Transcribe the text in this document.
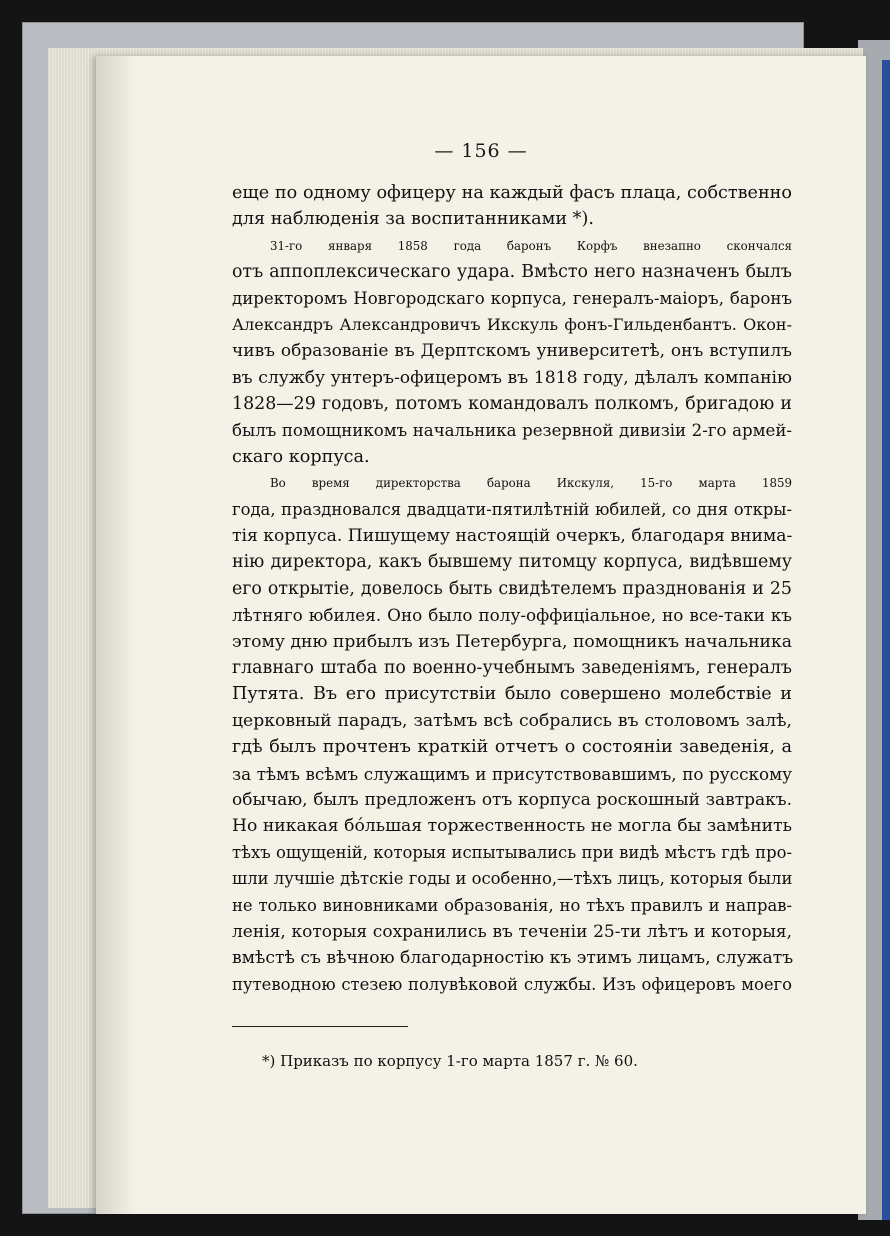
— 156 —
еще по одному офицеру на каждый фасъ плаца, собственно
для наблюденія за воспитанниками *).
31-го января 1858 года баронъ Корфъ внезапно скончался
отъ аппоплексическаго удара. Вмѣсто него назначенъ былъ
директоромъ Новгородскаго корпуса, генералъ-маіоръ, баронъ
Александръ Александровичъ Икскуль фонъ-Гильденбантъ. Окон-
чивъ образованіе въ Дерптскомъ университетѣ, онъ вступилъ
въ службу унтеръ-офицеромъ въ 1818 году, дѣлалъ компанію
1828—29 годовъ, потомъ командовалъ полкомъ, бригадою и
былъ помощникомъ начальника резервной дивизіи 2-го армей-
скаго корпуса.
Во время директорства барона Икскуля, 15-го марта 1859
года, праздновался двадцати-пятилѣтній юбилей, со дня откры-
тія корпуса. Пишущему настоящій очеркъ, благодаря внима-
нію директора, какъ бывшему питомцу корпуса, видѣвшему
его открытіе, довелось быть свидѣтелемъ празднованія и 25
лѣтняго юбилея. Оно было полу-оффиціальное, но все-таки къ
этому дню прибылъ изъ Петербурга, помощникъ начальника
главнаго штаба по военно-учебнымъ заведеніямъ, генералъ
Путята. Въ его присутствіи было совершено молебствіе и
церковный парадъ, затѣмъ всѣ собрались въ столовомъ залѣ,
гдѣ былъ прочтенъ краткій отчетъ о состояніи заведенія, а
за тѣмъ всѣмъ служащимъ и присутствовавшимъ, по русскому
обычаю, былъ предложенъ отъ корпуса роскошный завтракъ.
Но никакая бóльшая торжественность не могла бы замѣнить
тѣхъ ощущеній, которыя испытывались при видѣ мѣстъ гдѣ про-
шли лучшіе дѣтскіе годы и особенно,—тѣхъ лицъ, которыя были
не только виновниками образованія, но тѣхъ правилъ и направ-
ленія, которыя сохранились въ теченіи 25-ти лѣтъ и которыя,
вмѣстѣ съ вѣчною благодарностію къ этимъ лицамъ, служатъ
путеводною стезею полувѣковой службы. Изъ офицеровъ моего
*) Приказъ по корпусу 1-го марта 1857 г. № 60.
